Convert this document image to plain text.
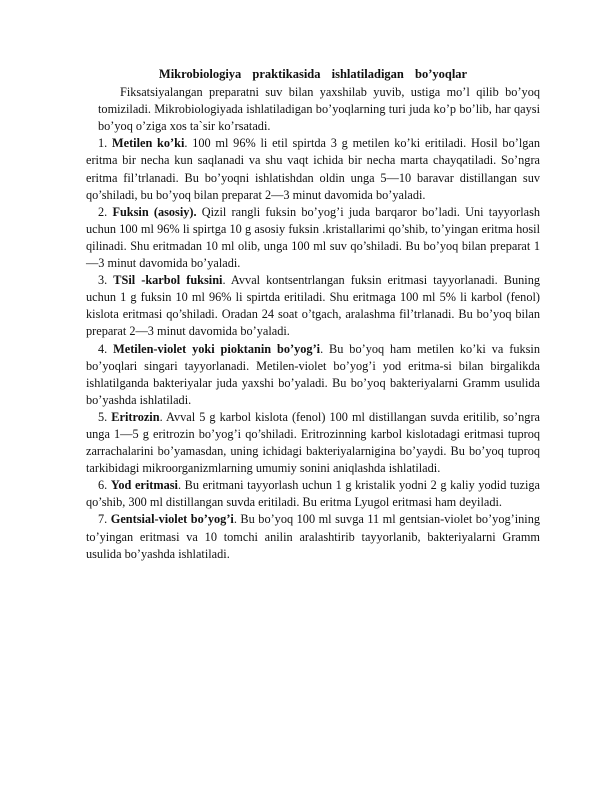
Mikrobiologiya praktikasida ishlatiladigan bo’yoqlar

Fiksatsiyalangan preparatni suv bilan yaxshilab yuvib, ustiga mo’l qilib bo’yoq tomiziladi. Mikrobiologiyada ishlatiladigan bo’yoqlarning turi juda ko’p bo’lib, har qaysi bo’yoq o’ziga xos ta`sir ko’rsatadi.

1. Metilen ko’ki. 100 ml 96% li etil spirtda 3 g metilen ko’ki eritiladi. Hosil bo’lgan eritma bir necha kun saqlanadi va shu vaqt ichida bir necha marta chayqatiladi. So’ngra eritma fil’trlanadi. Bu bo’yoqni ishlatishdan oldin unga 5—10 baravar distillangan suv qo’shiladi, bu bo’yoq bilan preparat 2—3 minut davomida bo’yaladi.

2. Fuksin (asosiy). Qizil rangli fuksin bo’yog’i juda barqaror bo’ladi. Uni tayyorlash uchun 100 ml 96% li spirtga 10 g asosiy fuksin .kristallarimi qo’shib, to’yingan eritma hosil qilinadi. Shu eritmadan 10 ml olib, unga 100 ml suv qo’shiladi. Bu bo’yoq bilan preparat 1—3 minut davomida bo’yaladi.

3. TSil -karbol fuksini. Avval kontsentrlangan fuksin eritmasi tayyorlanadi. Buning uchun 1 g fuksin 10 ml 96% li spirtda eritiladi. Shu eritmaga 100 ml 5% li karbol (fenol) kislota eritmasi qo’shiladi. Oradan 24 soat o’tgach, aralashma fil’trlanadi. Bu bo’yoq bilan preparat 2—3 minut davomida bo’yaladi.

4. Metilen-violet yoki pioktanin bo’yog’i. Bu bo’yoq ham metilen ko’ki va fuksin bo’yoqlari singari tayyorlanadi. Metilen-violet bo’yog’i yod eritma-si bilan birgalikda ishlatilganda bakteriyalar juda yaxshi bo’yaladi. Bu bo’yoq bakteriyalarni Gramm usulida bo’yashda ishlatiladi.

5. Eritrozin. Avval 5 g karbol kislota (fenol) 100 ml distillangan suvda eritilib, so’ngra unga 1—5 g eritrozin bo’yog’i qo’shiladi. Eritrozinning karbol kislotadagi eritmasi tuproq zarrachalarini bo’yamasdan, uning ichidagi bakteriyalarnigina bo’yaydi. Bu bo’yoq tuproq tarkibidagi mikroorganizmlarning umumiy sonini aniqlashda ishlatiladi.

6. Yod eritmasi. Bu eritmani tayyorlash uchun 1 g kristalik yodni 2 g kaliy yodid tuziga qo’shib, 300 ml distillangan suvda eritiladi. Bu eritma Lyugol eritmasi ham deyiladi.

7. Gentsial-violet bo’yog’i. Bu bo’yoq 100 ml suvga 11 ml gentsian-violet bo’yog’ining to’yingan eritmasi va 10 tomchi anilin aralashtirib tayyorlanib, bakteriyalarni Gramm usulida bo’yashda ishlatiladi.
